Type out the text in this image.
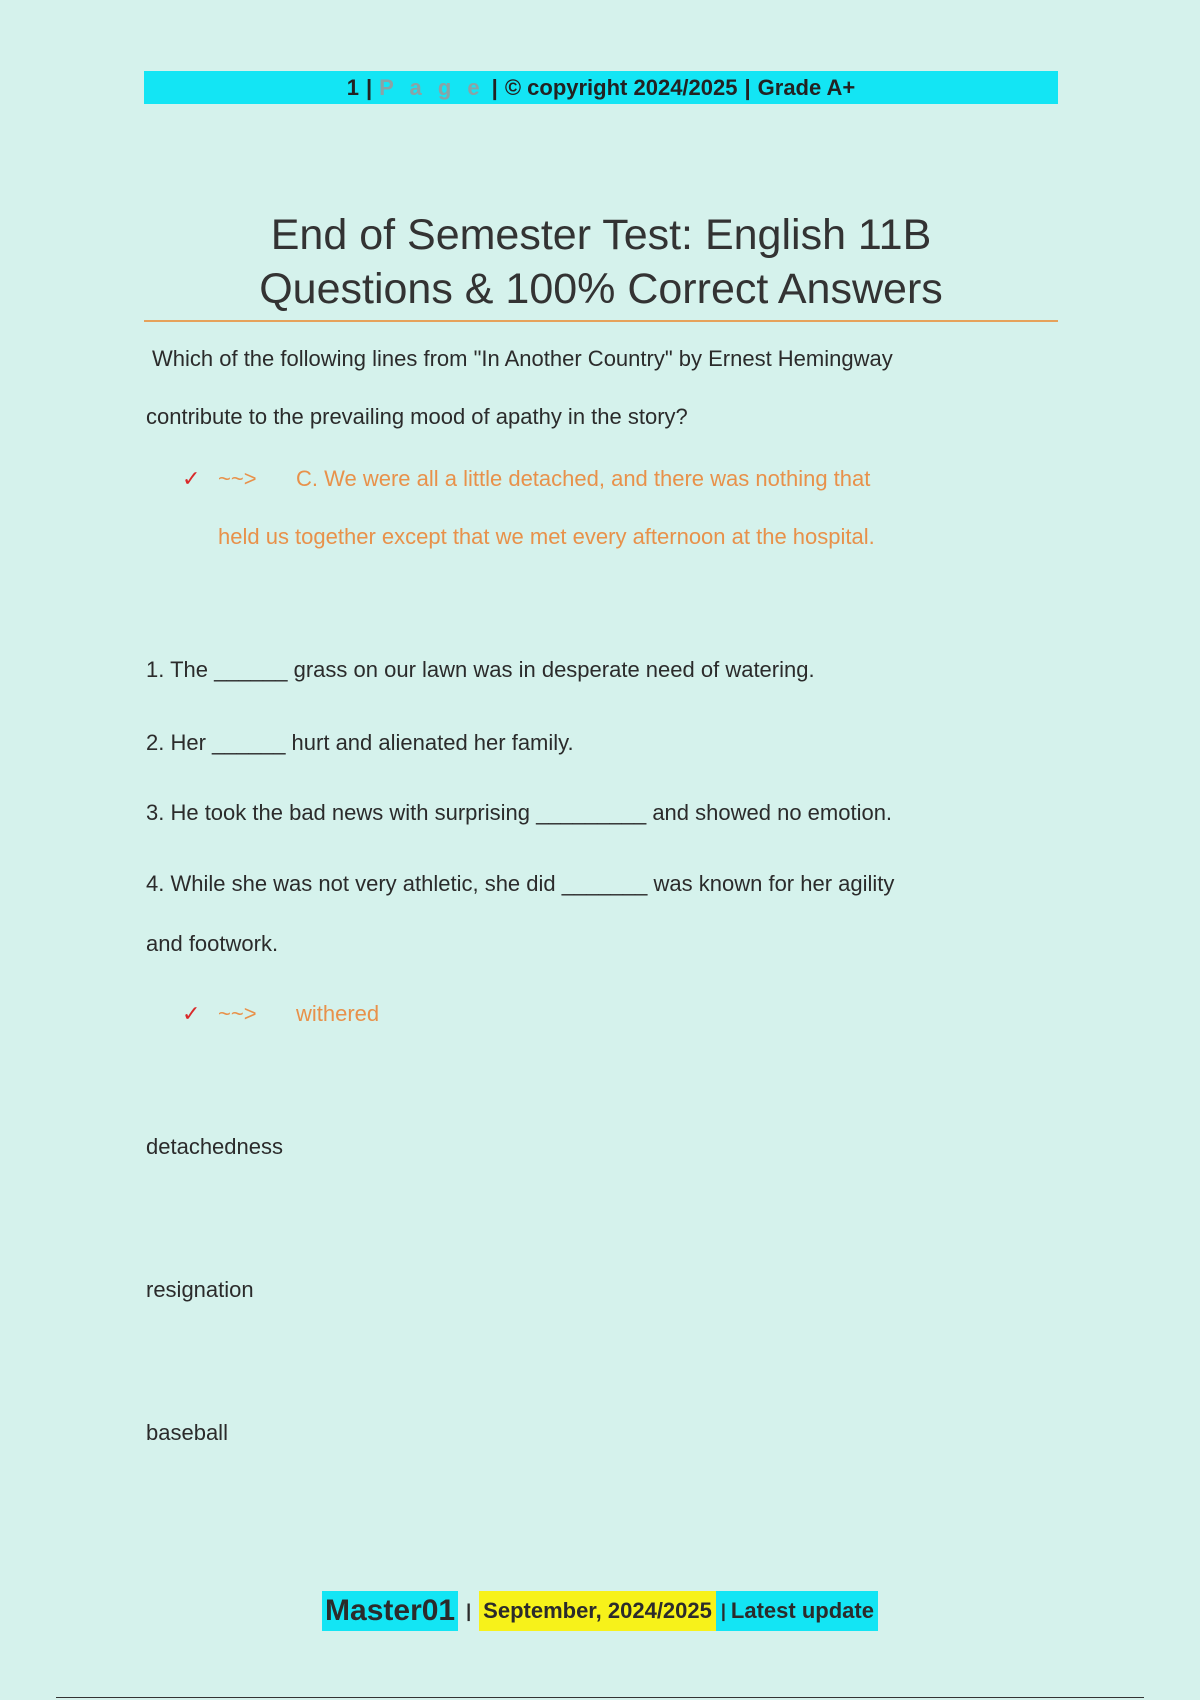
1 | P a g e | © copyright 2024/2025 | Grade A+
End of Semester Test: English 11B
Questions & 100% Correct Answers
Which of the following lines from "In Another Country" by Ernest Hemingway
contribute to the prevailing mood of apathy in the story?
✓ ~~> C. We were all a little detached, and there was nothing that
held us together except that we met every afternoon at the hospital.
1. The ______ grass on our lawn was in desperate need of watering.
2. Her ______ hurt and alienated her family.
3. He took the bad news with surprising _________ and showed no emotion.
4. While she was not very athletic, she did _______ was known for her agility
and footwork.
✓ ~~> withered
detachedness
resignation
baseball
Master01 | September, 2024/2025 | Latest update
